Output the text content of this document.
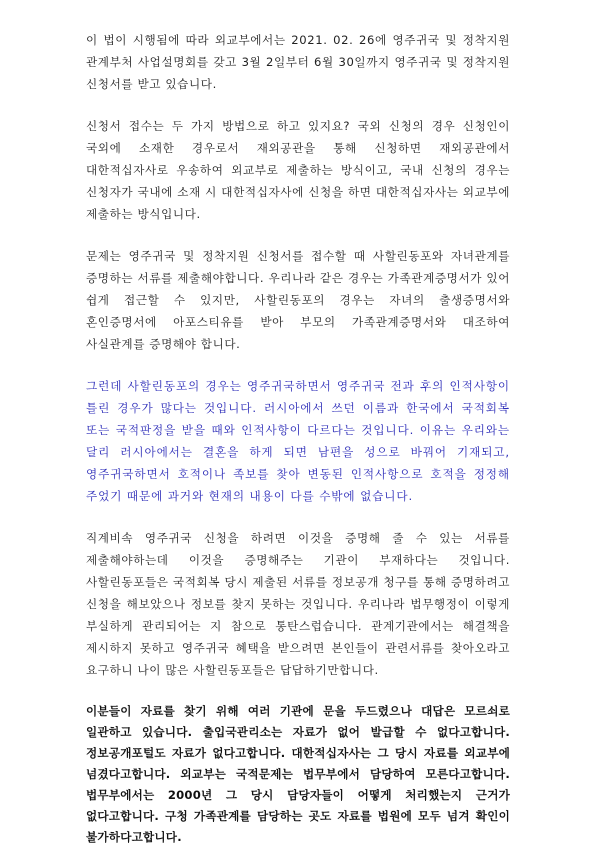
이 법이 시행됨에 따라 외교부에서는 2021. 02. 26에 영주귀국 및 정착지원 관계부처 사업설명회를 갖고 3월 2일부터 6월 30일까지 영주귀국 및 정착지원 신청서를 받고 있습니다.

신청서 접수는 두 가지 방법으로 하고 있지요? 국외 신청의 경우 신청인이 국외에 소재한 경우로서 재외공관을 통해 신청하면 재외공관에서 대한적십자사로 우송하여 외교부로 제출하는 방식이고, 국내 신청의 경우는 신청자가 국내에 소재 시 대한적십자사에 신청을 하면 대한적십자사는 외교부에 제출하는 방식입니다.

문제는 영주귀국 및 정착지원 신청서를 접수할 때 사할린동포와 자녀관계를 증명하는 서류를 제출해야합니다. 우리나라 같은 경우는 가족관계증명서가 있어 쉽게 접근할 수 있지만, 사할린동포의 경우는 자녀의 출생증명서와 혼인증명서에 아포스티유를 받아 부모의 가족관계증명서와 대조하여 사실관계를 증명해야 합니다.

그런데 사할린동포의 경우는 영주귀국하면서 영주귀국 전과 후의 인적사항이 틀린 경우가 많다는 것입니다. 러시아에서 쓰던 이름과 한국에서 국적회복 또는 국적판정을 받을 때와 인적사항이 다르다는 것입니다. 이유는 우리와는 달리 러시아에서는 결혼을 하게 되면 남편을 성으로 바꿔어 기재되고, 영주귀국하면서 호적이나 족보를 찾아 변동된 인적사항으로 호적을 정정해 주었기 때문에 과거와 현재의 내용이 다를 수밖에 없습니다.

직계비속 영주귀국 신청을 하려면 이것을 증명해 줄 수 있는 서류를 제출해야하는데 이것을 증명해주는 기관이 부재하다는 것입니다. 사할린동포들은 국적회복 당시 제출된 서류를 정보공개 청구를 통해 증명하려고 신청을 해보았으나 정보를 찾지 못하는 것입니다. 우리나라 법무행정이 이렇게 부실하게 관리되어는 지 참으로 통탄스럽습니다. 관계기관에서는 해결책을 제시하지 못하고 영주귀국 혜택을 받으려면 본인들이 관련서류를 찾아오라고 요구하니 나이 많은 사할린동포들은 답답하기만합니다.

이분들이 자료를 찾기 위해 여러 기관에 문을 두드렸으나 대답은 모르쇠로 일관하고 있습니다. 출입국관리소는 자료가 없어 발급할 수 없다고합니다. 정보공개포털도 자료가 없다고합니다. 대한적십자사는 그 당시 자료를 외교부에 넘겼다고합니다. 외교부는 국적문제는 법무부에서 담당하여 모른다고합니다. 법무부에서는 2000년 그 당시 담당자들이 어떻게 처리했는지 근거가 없다고합니다. 구청 가족관계를 담당하는 곳도 자료를 법원에 모두 넘겨 확인이 불가하다고합니다.
